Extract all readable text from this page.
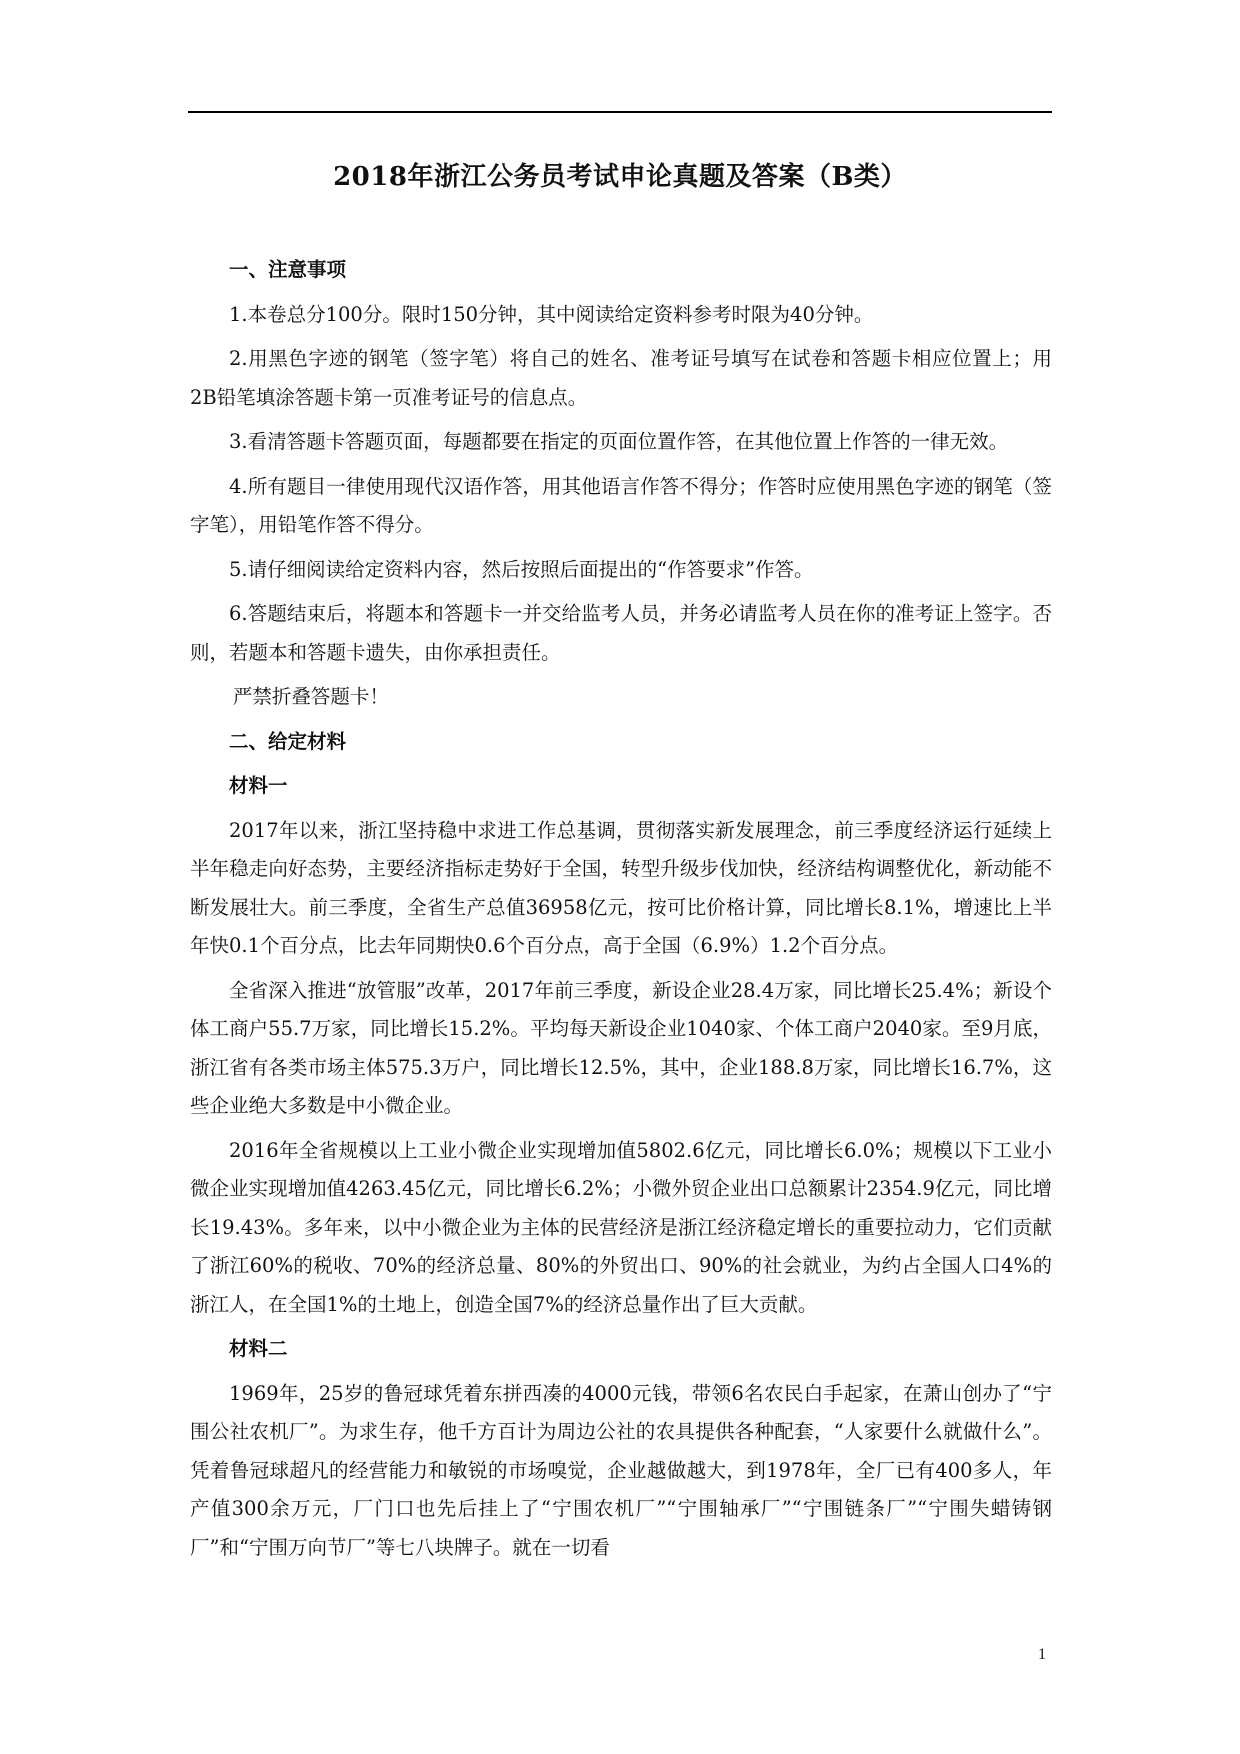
2018年浙江公务员考试申论真题及答案（B类）
一、注意事项

1.本卷总分100分。限时150分钟，其中阅读给定资料参考时限为40分钟。

2.用黑色字迹的钢笔（签字笔）将自己的姓名、准考证号填写在试卷和答题卡相应位置上；用2B铅笔填涂答题卡第一页准考证号的信息点。

3.看清答题卡答题页面，每题都要在指定的页面位置作答，在其他位置上作答的一律无效。

4.所有题目一律使用现代汉语作答，用其他语言作答不得分；作答时应使用黑色字迹的钢笔（签字笔），用铅笔作答不得分。

5.请仔细阅读给定资料内容，然后按照后面提出的“作答要求”作答。

6.答题结束后，将题本和答题卡一并交给监考人员，并务必请监考人员在你的准考证上签字。否则，若题本和答题卡遗失，由你承担责任。

严禁折叠答题卡！

二、给定材料
材料一

2017年以来，浙江坚持稳中求进工作总基调，贯彻落实新发展理念，前三季度经济运行延续上半年稳走向好态势，主要经济指标走势好于全国，转型升级步伐加快，经济结构调整优化，新动能不断发展壮大。前三季度，全省生产总值36958亿元，按可比价格计算，同比增长8.1%，增速比上半年快0.1个百分点，比去年同期快0.6个百分点，高于全国（6.9%）1.2个百分点。

全省深入推进“放管服”改革，2017年前三季度，新设企业28.4万家，同比增长25.4%；新设个体工商户55.7万家，同比增长15.2%。平均每天新设企业1040家、个体工商户2040家。至9月底，浙江省有各类市场主体575.3万户，同比增长12.5%，其中，企业188.8万家，同比增长16.7%，这些企业绝大多数是中小微企业。

2016年全省规模以上工业小微企业实现增加值5802.6亿元，同比增长6.0%；规模以下工业小微企业实现增加值4263.45亿元，同比增长6.2%；小微外贸企业出口总额累计2354.9亿元，同比增长19.43%。多年来，以中小微企业为主体的民营经济是浙江经济稳定增长的重要拉动力，它们贡献了浙江60%的税收、70%的经济总量、80%的外贸出口、90%的社会就业，为约占全国人口4%的浙江人，在全国1%的土地上，创造全国7%的经济总量作出了巨大贡献。

材料二

1969年，25岁的鲁冠球凭着东拼西凑的4000元钱，带领6名农民白手起家，在萧山创办了“宁围公社农机厂”。为求生存，他千方百计为周边公社的农具提供各种配套，“人家要什么就做什么”。凭着鲁冠球超凡的经营能力和敏锐的市场嗅觉，企业越做越大，到1978年，全厂已有400多人，年产值300余万元，厂门口也先后挂上了“宁围农机厂”“宁围轴承厂”“宁围链条厂”“宁围失蜡铸钢厂”和“宁围万向节厂”等七八块牌子。就在一切看

1
